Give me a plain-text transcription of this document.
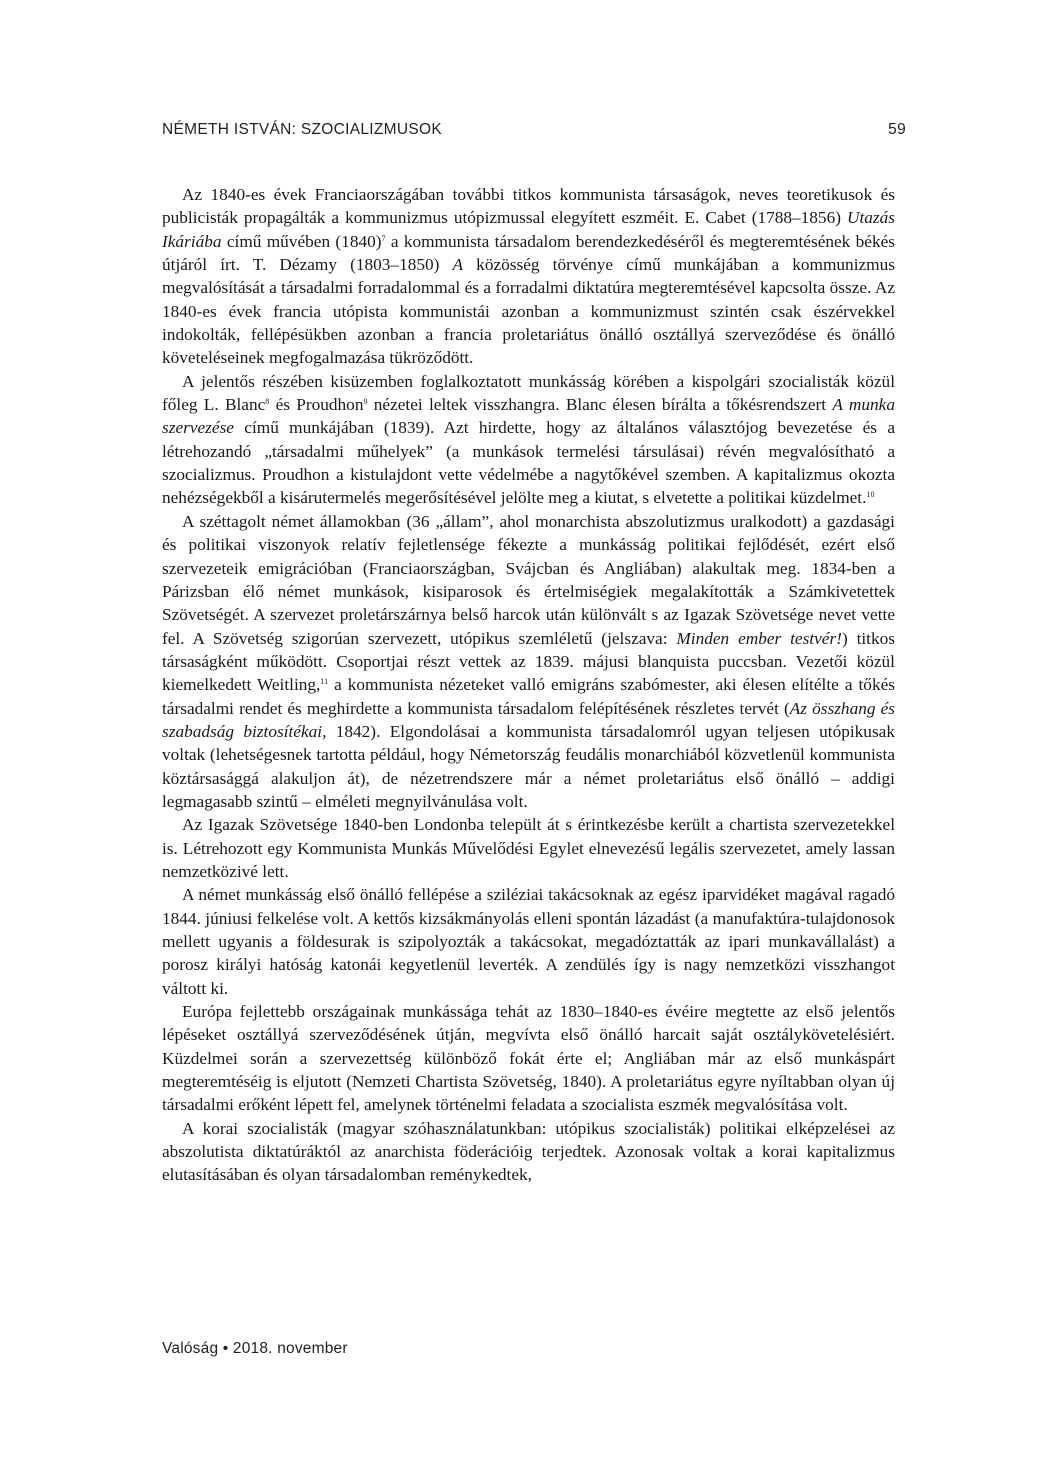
NÉMETH ISTVÁN: SZOCIALIZMUSOK	59

Az 1840-es évek Franciaországában további titkos kommunista társaságok, neves teoretikusok és publicisták propagálták a kommunizmus utópizmussal elegyített eszméit. E. Cabet (1788–1856) Utazás Ikáriába című művében $(1840)^7$ a kommunista társadalom berendezkedéséről és megteremtésének békés útjáról írt. T. Dézamy (1803–1850) A közösség törvénye című munkájában a kommunizmus megvalósítását a társadalmi forradalommal és a forradalmi diktatúra megteremtésével kapcsolta össze. Az 1840-es évek francia utópista kommunistái azonban a kommunizmust szintén csak észérvekkel indokolták, fellépésükben azonban a francia proletariátus önálló osztállyá szerveződése és önálló követeléseinek megfogalmazása tükröződött.

A jelentős részében kisüzemben foglalkoztatott munkásság körében a kispolgári szocialisták közül főleg L. Blanc$^8$ és Proudhon$^9$ nézetei leltek visszhangra. Blanc élesen bírálta a tőkésrendszert A munka szervezése című munkájában (1839). Azt hirdette, hogy az általános választójog bevezetése és a létrehozandó „társadalmi műhelyek” (a munkások termelési társulásai) révén megvalósítható a szocializmus. Proudhon a kistulajdont vette védelmébe a nagytőkével szemben. A kapitalizmus okozta nehézségekből a kisárutermelés megerősítésével jelölte meg a kiutat, s elvetette a politikai küzdelmet.$^{10}$

A széttagolt német államokban (36 „állam”, ahol monarchista abszolutizmus uralkodott) a gazdasági és politikai viszonyok relatív fejletlensége fékezte a munkásság politikai fejlődését, ezért első szervezeteik emigrációban (Franciaországban, Svájcban és Angliában) alakultak meg. 1834-ben a Párizsban élő német munkások, kisiparosok és értelmiségiek megalakították a Számkivetettek Szövetségét. A szervezet proletárszárnya belső harcok után különvált s az Igazak Szövetsége nevet vette fel. A Szövetség szigorúan szervezett, utópikus szemléletű (jelszava: Minden ember testvér!) titkos társaságként működött. Csoportjai részt vettek az 1839. májusi blanquista puccsban. Vezetői közül kiemelkedett Weitling,$^{11}$ a kommunista nézeteket valló emigráns szabómester, aki élesen elítélte a tőkés társadalmi rendet és meghirdette a kommunista társadalom felépítésének részletes tervét (Az összhang és szabadság biztosítékai, 1842). Elgondolásai a kommunista társadalomról ugyan teljesen utópikusak voltak (lehetségesnek tartotta például, hogy Németország feudális monarchiából közvetlenül kommunista köztársasággá alakuljon át), de nézetrendszere már a német proletariátus első önálló – addigi legmagasabb szintű – elméleti megnyilvánulása volt.

Az Igazak Szövetsége 1840-ben Londonba települt át s érintkezésbe került a chartista szervezetekkel is. Létrehozott egy Kommunista Munkás Művelődési Egylet elnevezésű legális szervezetet, amely lassan nemzetközivé lett.

A német munkásság első önálló fellépése a sziléziai takácsoknak az egész iparvidéket magával ragadó 1844. júniusi felkelése volt. A kettős kizsákmányolás elleni spontán lázadást (a manufaktúra-tulajdonosok mellett ugyanis a földesurak is szipolyozták a takácsokat, megadóztatták az ipari munkavállalást) a porosz királyi hatóság katonái kegyetlenül leverték. A zendülés így is nagy nemzetközi visszhangot váltott ki.

Európa fejlettebb országainak munkássága tehát az 1830–1840-es évéire megtette az első jelentős lépéseket osztállyá szerveződésének útján, megvívta első önálló harcait saját osztálykövetelésiért. Küzdelmei során a szervezettség különböző fokát érte el; Angliában már az első munkáspárt megteremtéséig is eljutott (Nemzeti Chartista Szövetség, 1840). A proletariátus egyre nyíltabban olyan új társadalmi erőként lépett fel, amelynek történelmi feladata a szocialista eszmék megvalósítása volt.

A korai szocialisták (magyar szóhasználatunkban: utópikus szocialisták) politikai elképzelései az abszolutista diktatúráktól az anarchista föderációig terjedtek. Azonosak voltak a korai kapitalizmus elutasításában és olyan társadalomban reménykedtek,

Valóság • 2018. november
